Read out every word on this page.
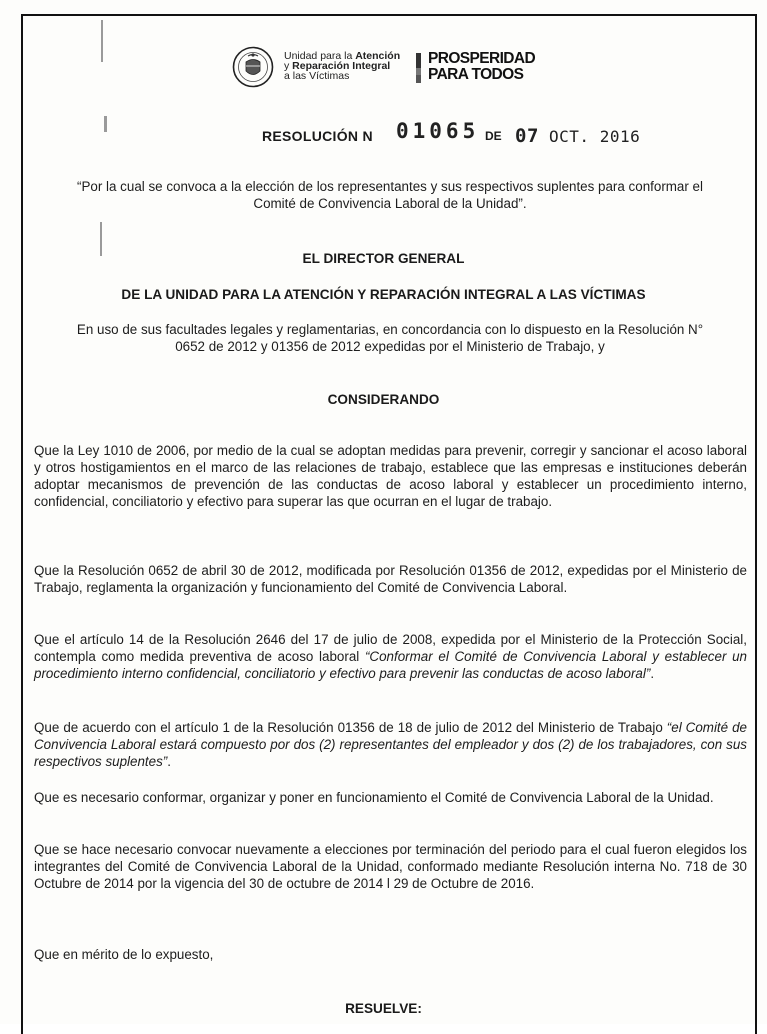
Unidad para la Atención
y Reparación Integral
a las Víctimas
PROSPERIDAD
PARA TODOS
RESOLUCIÓN N 01065 DE 07 OCT. 2016
“Por la cual se convoca a la elección de los representantes y sus respectivos suplentes para conformar el Comité de Convivencia Laboral de la Unidad”.
EL DIRECTOR GENERAL
DE LA UNIDAD PARA LA ATENCIÓN Y REPARACIÓN INTEGRAL A LAS VÍCTIMAS
En uso de sus facultades legales y reglamentarias, en concordancia con lo dispuesto en la Resolución N° 0652 de 2012 y 01356 de 2012 expedidas por el Ministerio de Trabajo, y
CONSIDERANDO
Que la Ley 1010 de 2006, por medio de la cual se adoptan medidas para prevenir, corregir y sancionar el acoso laboral y otros hostigamientos en el marco de las relaciones de trabajo, establece que las empresas e instituciones deberán adoptar mecanismos de prevención de las conductas de acoso laboral y establecer un procedimiento interno, confidencial, conciliatorio y efectivo para superar las que ocurran en el lugar de trabajo.
Que la Resolución 0652 de abril 30 de 2012, modificada por Resolución 01356 de 2012, expedidas por el Ministerio de Trabajo, reglamenta la organización y funcionamiento del Comité de Convivencia Laboral.
Que el artículo 14 de la Resolución 2646 del 17 de julio de 2008, expedida por el Ministerio de la Protección Social, contempla como medida preventiva de acoso laboral “Conformar el Comité de Convivencia Laboral y establecer un procedimiento interno confidencial, conciliatorio y efectivo para prevenir las conductas de acoso laboral”.
Que de acuerdo con el artículo 1 de la Resolución 01356 de 18 de julio de 2012 del Ministerio de Trabajo “el Comité de Convivencia Laboral estará compuesto por dos (2) representantes del empleador y dos (2) de los trabajadores, con sus respectivos suplentes”.
Que es necesario conformar, organizar y poner en funcionamiento el Comité de Convivencia Laboral de la Unidad.
Que se hace necesario convocar nuevamente a elecciones por terminación del periodo para el cual fueron elegidos los integrantes del Comité de Convivencia Laboral de la Unidad, conformado mediante Resolución interna No. 718 de 30 Octubre de 2014 por la vigencia del 30 de octubre de 2014 l 29 de Octubre de 2016.
Que en mérito de lo expuesto,
RESUELVE:
